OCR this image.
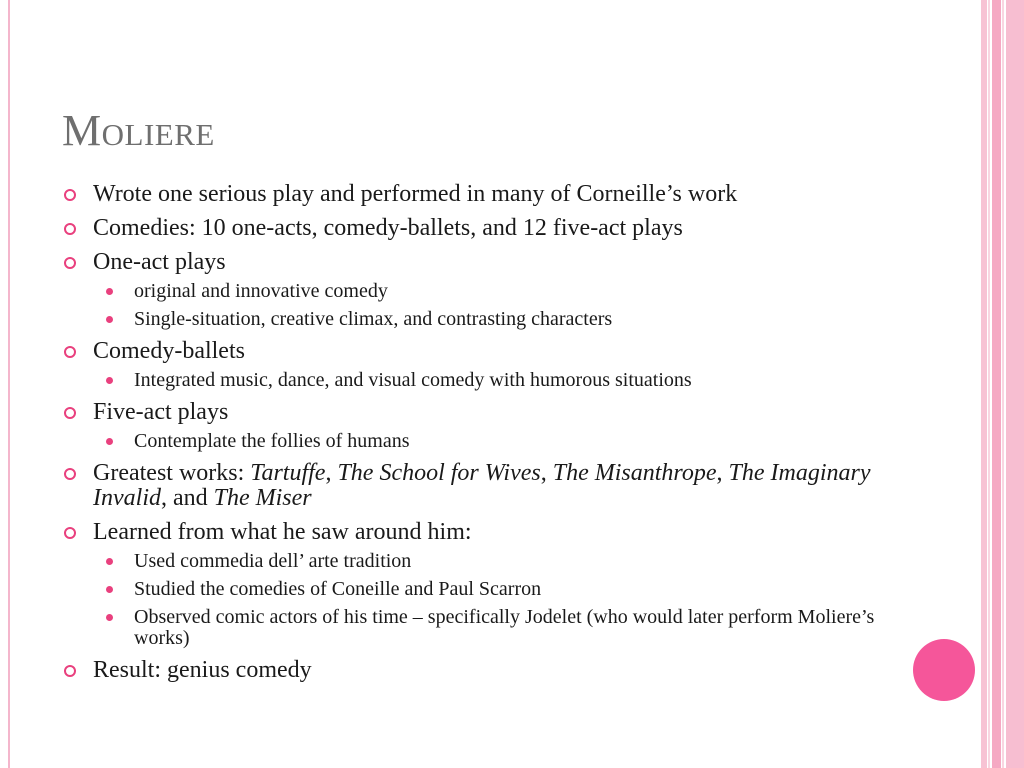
Moliere

Wrote one serious play and performed in many of Corneille’s work

Comedies: 10 one-acts, comedy-ballets, and 12 five-act plays

One-act plays

original and innovative comedy

Single-situation, creative climax, and contrasting characters

Comedy-ballets

Integrated music, dance, and visual comedy with humorous situations

Five-act plays

Contemplate the follies of humans

Greatest works: Tartuffe, The School for Wives, The Misanthrope, The Imaginary Invalid, and The Miser

Learned from what he saw around him:

Used commedia dell’ arte tradition

Studied the comedies of Coneille and Paul Scarron

Observed comic actors of his time – specifically Jodelet (who would later perform Moliere’s works)

Result: genius comedy
